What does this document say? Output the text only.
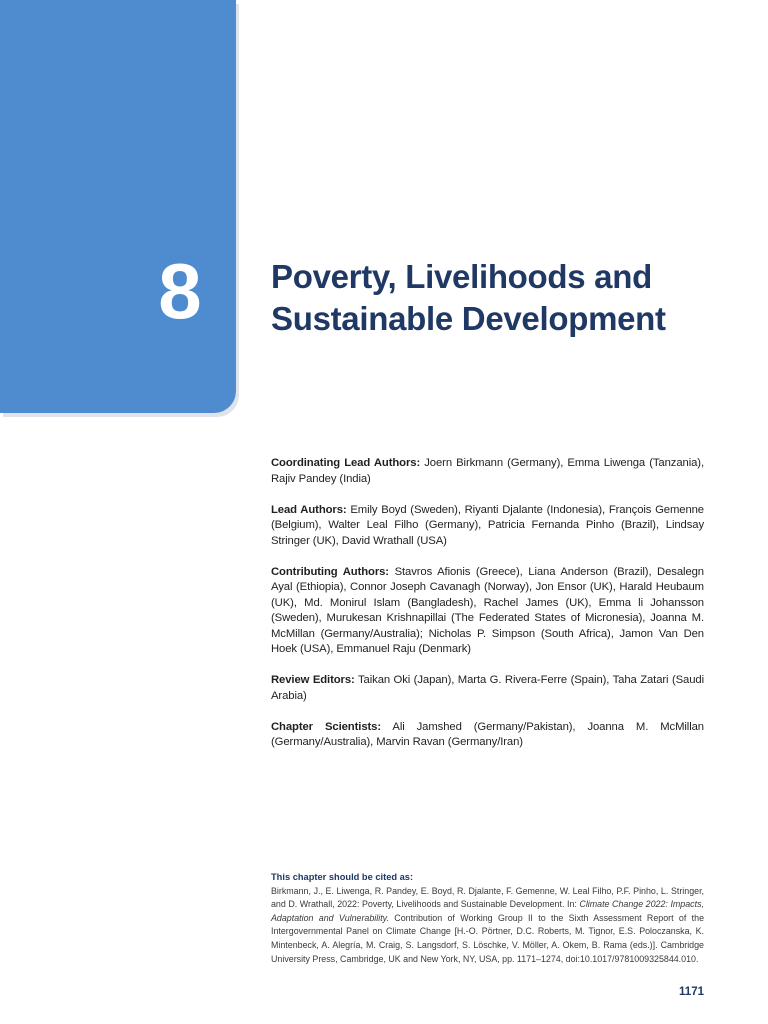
8 Poverty, Livelihoods and
Sustainable Development

Coordinating Lead Authors: Joern Birkmann (Germany), Emma Liwenga (Tanzania), Rajiv Pandey (India)

Lead Authors: Emily Boyd (Sweden), Riyanti Djalante (Indonesia), François Gemenne (Belgium), Walter Leal Filho (Germany), Patricia Fernanda Pinho (Brazil), Lindsay Stringer (UK), David Wrathall (USA)

Contributing Authors: Stavros Afionis (Greece), Liana Anderson (Brazil), Desalegn Ayal (Ethiopia), Connor Joseph Cavanagh (Norway), Jon Ensor (UK), Harald Heubaum (UK), Md. Monirul Islam (Bangladesh), Rachel James (UK), Emma li Johansson (Sweden), Murukesan Krishnapillai (The Federated States of Micronesia), Joanna M. McMillan (Germany/Australia); Nicholas P. Simpson (South Africa), Jamon Van Den Hoek (USA), Emmanuel Raju (Denmark)

Review Editors: Taikan Oki (Japan), Marta G. Rivera-Ferre (Spain), Taha Zatari (Saudi Arabia)

Chapter Scientists: Ali Jamshed (Germany/Pakistan), Joanna M. McMillan (Germany/Australia), Marvin Ravan (Germany/Iran)

This chapter should be cited as:
Birkmann, J., E. Liwenga, R. Pandey, E. Boyd, R. Djalante, F. Gemenne, W. Leal Filho, P.F. Pinho, L. Stringer, and D. Wrathall, 2022: Poverty, Livelihoods and Sustainable Development. In: Climate Change 2022: Impacts, Adaptation and Vulnerability. Contribution of Working Group II to the Sixth Assessment Report of the Intergovernmental Panel on Climate Change [H.-O. Pörtner, D.C. Roberts, M. Tignor, E.S. Poloczanska, K. Mintenbeck, A. Alegría, M. Craig, S. Langsdorf, S. Löschke, V. Möller, A. Okem, B. Rama (eds.)]. Cambridge University Press, Cambridge, UK and New York, NY, USA, pp. 1171–1274, doi:10.1017/9781009325844.010.
1171
